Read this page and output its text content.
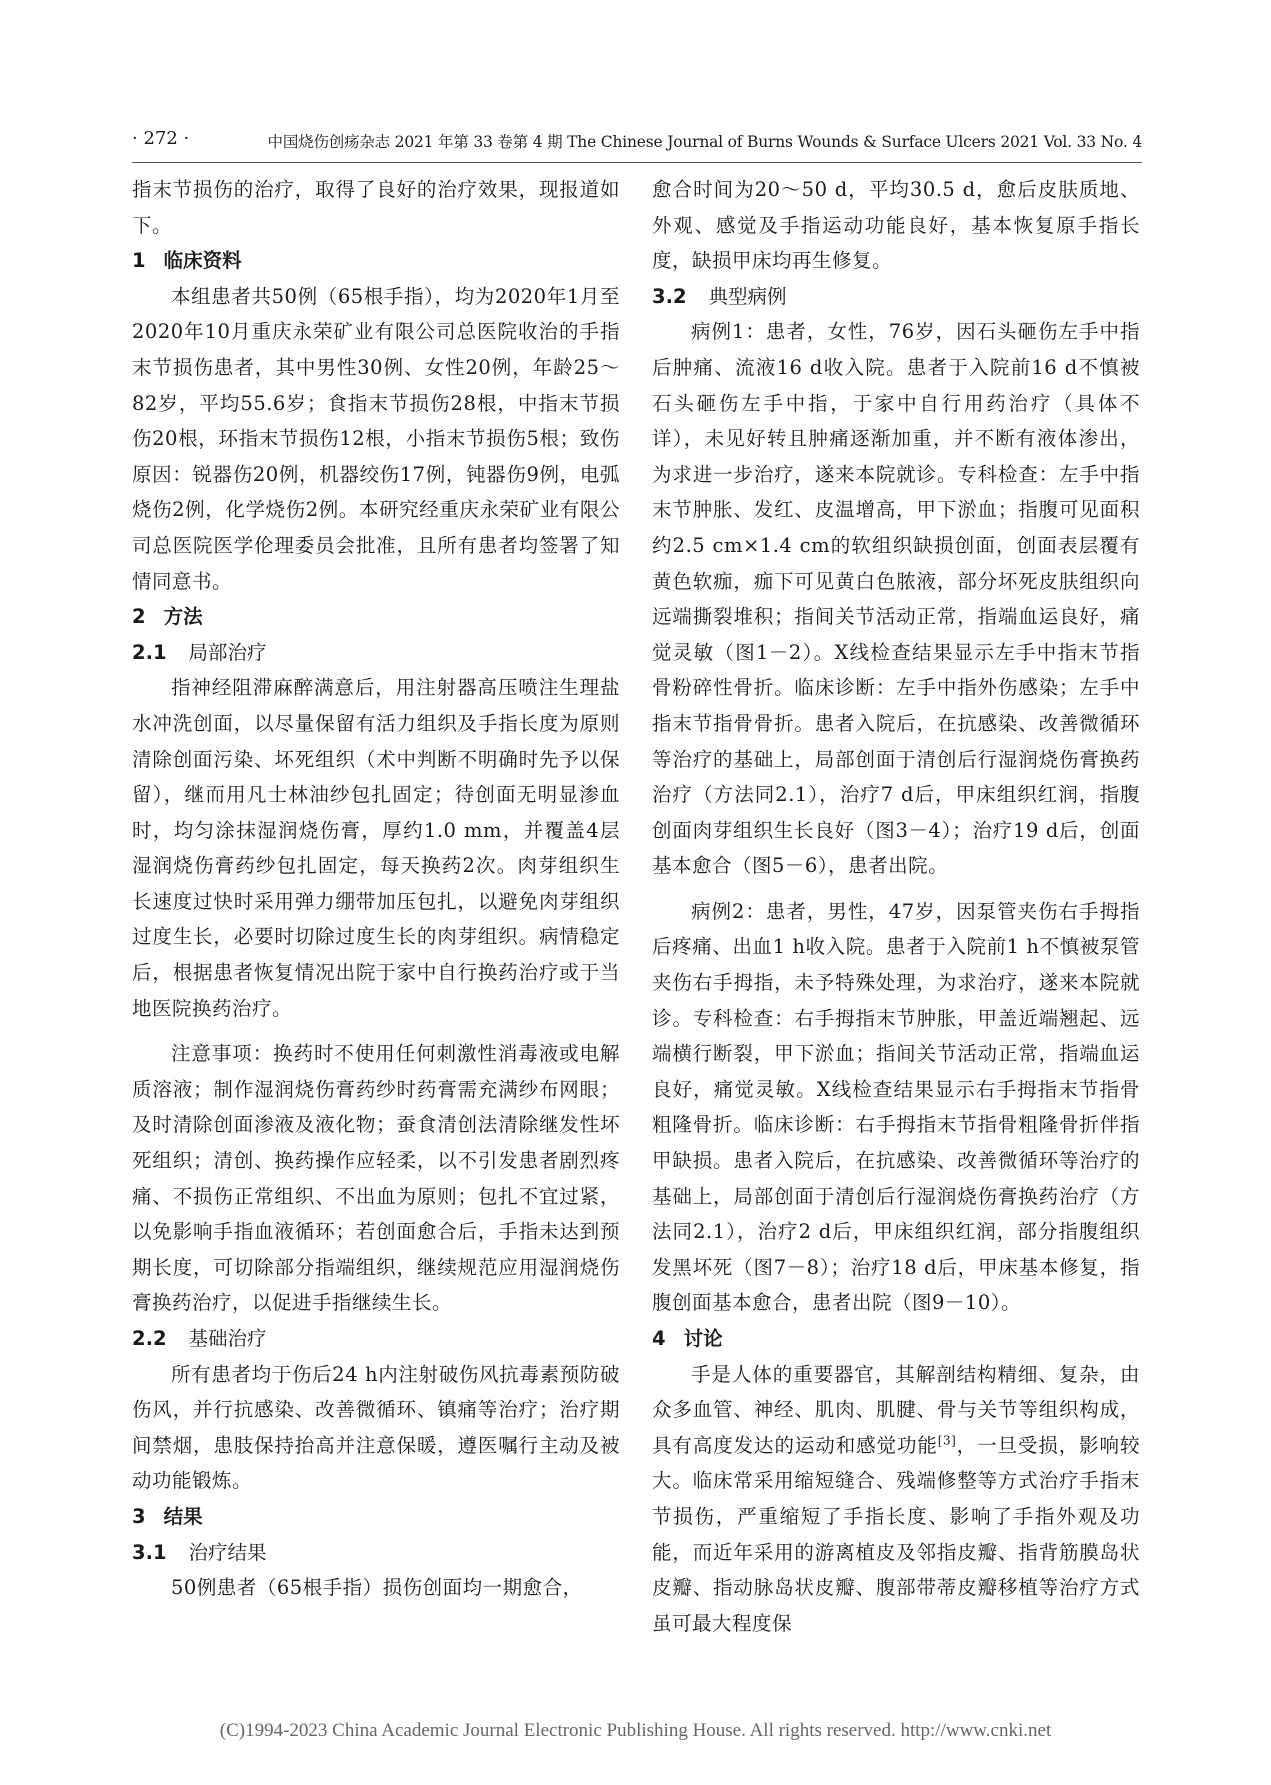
· 272 ·	中国烧伤创疡杂志 2021 年第 33 卷第 4 期 The Chinese Journal of Burns Wounds & Surface Ulcers 2021 Vol. 33 No. 4

指末节损伤的治疗，取得了良好的治疗效果，现报道如下。

1 临床资料

本组患者共50例（65根手指），均为2020年1月至2020年10月重庆永荣矿业有限公司总医院收治的手指末节损伤患者，其中男性30例、女性20例，年龄25～82岁，平均55.6岁；食指末节损伤28根，中指末节损伤20根，环指末节损伤12根，小指末节损伤5根；致伤原因：锐器伤20例，机器绞伤17例，钝器伤9例，电弧烧伤2例，化学烧伤2例。本研究经重庆永荣矿业有限公司总医院医学伦理委员会批准，且所有患者均签署了知情同意书。

2 方法
2.1 局部治疗

指神经阻滞麻醉满意后，用注射器高压喷注生理盐水冲洗创面，以尽量保留有活力组织及手指长度为原则清除创面污染、坏死组织（术中判断不明确时先予以保留），继而用凡士林油纱包扎固定；待创面无明显渗血时，均匀涂抹湿润烧伤膏，厚约1.0 mm，并覆盖4层湿润烧伤膏药纱包扎固定，每天换药2次。肉芽组织生长速度过快时采用弹力绷带加压包扎，以避免肉芽组织过度生长，必要时切除过度生长的肉芽组织。病情稳定后，根据患者恢复情况出院于家中自行换药治疗或于当地医院换药治疗。

注意事项：换药时不使用任何刺激性消毒液或电解质溶液；制作湿润烧伤膏药纱时药膏需充满纱布网眼；及时清除创面渗液及液化物；蚕食清创法清除继发性坏死组织；清创、换药操作应轻柔，以不引发患者剧烈疼痛、不损伤正常组织、不出血为原则；包扎不宜过紧，以免影响手指血液循环；若创面愈合后，手指未达到预期长度，可切除部分指端组织，继续规范应用湿润烧伤膏换药治疗，以促进手指继续生长。

2.2 基础治疗

所有患者均于伤后24 h内注射破伤风抗毒素预防破伤风，并行抗感染、改善微循环、镇痛等治疗；治疗期间禁烟，患肢保持抬高并注意保暖，遵医嘱行主动及被动功能锻炼。

3 结果
3.1 治疗结果

50例患者（65根手指）损伤创面均一期愈合，

愈合时间为20～50 d，平均30.5 d，愈后皮肤质地、外观、感觉及手指运动功能良好，基本恢复原手指长度，缺损甲床均再生修复。

3.2 典型病例

病例1：患者，女性，76岁，因石头砸伤左手中指后肿痛、流液16 d收入院。患者于入院前16 d不慎被石头砸伤左手中指，于家中自行用药治疗（具体不详），未见好转且肿痛逐渐加重，并不断有液体渗出，为求进一步治疗，遂来本院就诊。专科检查：左手中指末节肿胀、发红、皮温增高，甲下淤血；指腹可见面积约2.5 cm×1.4 cm的软组织缺损创面，创面表层覆有黄色软痂，痂下可见黄白色脓液，部分坏死皮肤组织向远端撕裂堆积；指间关节活动正常，指端血运良好，痛觉灵敏（图1－2）。X线检查结果显示左手中指末节指骨粉碎性骨折。临床诊断：左手中指外伤感染；左手中指末节指骨骨折。患者入院后，在抗感染、改善微循环等治疗的基础上，局部创面于清创后行湿润烧伤膏换药治疗（方法同2.1），治疗7 d后，甲床组织红润，指腹创面肉芽组织生长良好（图3－4）；治疗19 d后，创面基本愈合（图5－6），患者出院。

病例2：患者，男性，47岁，因泵管夹伤右手拇指后疼痛、出血1 h收入院。患者于入院前1 h不慎被泵管夹伤右手拇指，未予特殊处理，为求治疗，遂来本院就诊。专科检查：右手拇指末节肿胀，甲盖近端翘起、远端横行断裂，甲下淤血；指间关节活动正常，指端血运良好，痛觉灵敏。X线检查结果显示右手拇指末节指骨粗隆骨折。临床诊断：右手拇指末节指骨粗隆骨折伴指甲缺损。患者入院后，在抗感染、改善微循环等治疗的基础上，局部创面于清创后行湿润烧伤膏换药治疗（方法同2.1），治疗2 d后，甲床组织红润，部分指腹组织发黑坏死（图7－8）；治疗18 d后，甲床基本修复，指腹创面基本愈合，患者出院（图9－10）。

4 讨论

手是人体的重要器官，其解剖结构精细、复杂，由众多血管、神经、肌肉、肌腱、骨与关节等组织构成，具有高度发达的运动和感觉功能[3]，一旦受损，影响较大。临床常采用缩短缝合、残端修整等方式治疗手指末节损伤，严重缩短了手指长度、影响了手指外观及功能，而近年采用的游离植皮及邻指皮瓣、指背筋膜岛状皮瓣、指动脉岛状皮瓣、腹部带蒂皮瓣移植等治疗方式虽可最大程度保

(C)1994-2023 China Academic Journal Electronic Publishing House. All rights reserved. http://www.cnki.net
